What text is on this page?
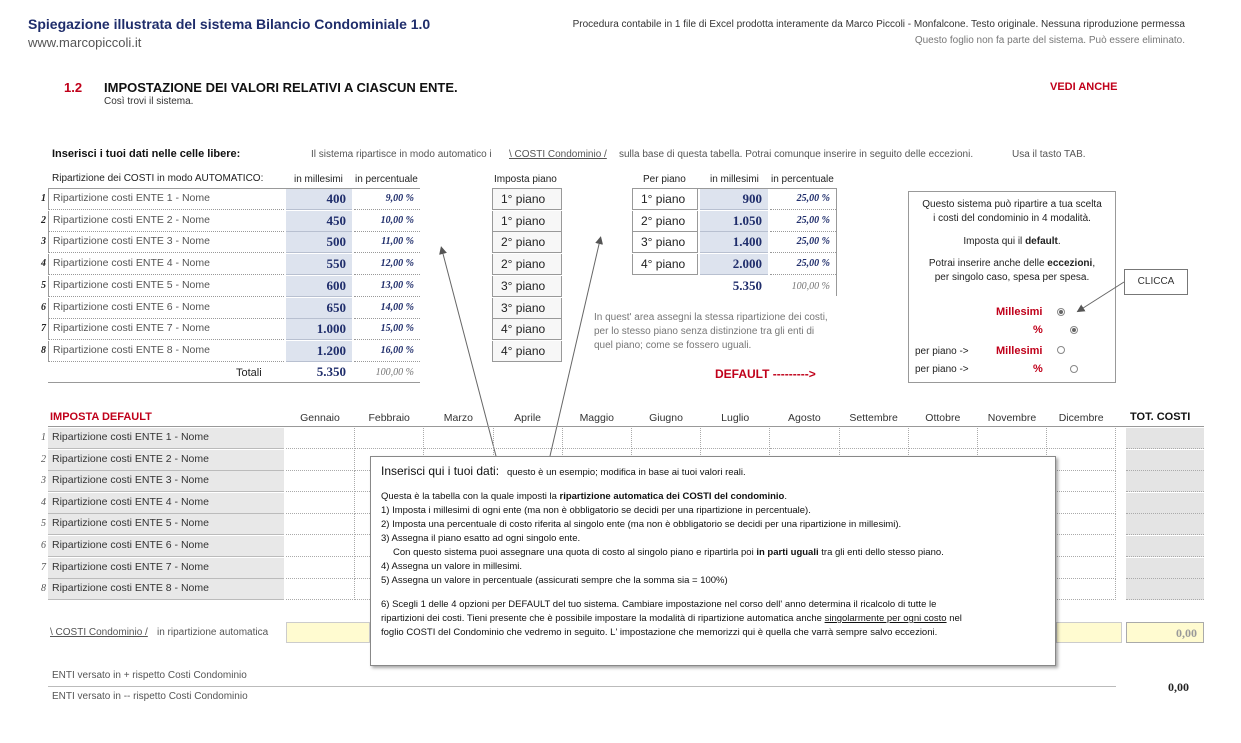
Spiegazione illustrata del sistema Bilancio Condominiale 1.0
www.marcopiccoli.it
Procedura contabile in 1 file di Excel prodotta interamente da Marco Piccoli - Monfalcone. Testo originale. Nessuna riproduzione permessa
Questo foglio non fa parte del sistema. Può essere eliminato.
1.2 IMPOSTAZIONE DEI VALORI RELATIVI A CIASCUN ENTE.
Così trovi il sistema.
VEDI ANCHE
Inserisci i tuoi dati nelle celle libere:	Il sistema ripartisce in modo automatico i \ COSTI Condominio / sulla base di questa tabella. Potrai comunque inserire in seguito delle eccezioni.	Usa il tasto TAB.
Ripartizione dei COSTI in modo AUTOMATICO:	in millesimi in percentuale	Imposta piano
1 Ripartizione costi ENTE 1 - Nome	400	9,00 %	1° piano
2 Ripartizione costi ENTE 2 - Nome	450	10,00 %	1° piano
3 Ripartizione costi ENTE 3 - Nome	500	11,00 %	2° piano
4 Ripartizione costi ENTE 4 - Nome	550	12,00 %	2° piano
5 Ripartizione costi ENTE 5 - Nome	600	13,00 %	3° piano
6 Ripartizione costi ENTE 6 - Nome	650	14,00 %	3° piano
7 Ripartizione costi ENTE 7 - Nome	1.000	15,00 %	4° piano
8 Ripartizione costi ENTE 8 - Nome	1.200	16,00 %	4° piano
Totali	5.350	100,00 %
Per piano in millesimi in percentuale
1° piano	900	25,00 %
2° piano	1.050	25,00 %
3° piano	1.400	25,00 %
4° piano	2.000	25,00 %
5.350	100,00 %
In quest' area assegni la stessa ripartizione dei costi, per lo stesso piano senza distinzione tra gli enti di quel piano; come se fossero uguali.
DEFAULT --------->
Questo sistema può ripartire a tua scelta
i costi del condominio in 4 modalità.
Imposta qui il default.
Potrai inserire anche delle eccezioni,
per singolo caso, spesa per spesa.
Millesimi
%
per piano -> Millesimi
per piano ->	%
CLICCA
IMPOSTA DEFAULT	Gennaio	Febbraio	Marzo	Aprile	Maggio	Giugno	Luglio	Agosto	Settembre	Ottobre	Novembre	Dicembre	TOT. COSTI
1 Ripartizione costi ENTE 1 - Nome
2 Ripartizione costi ENTE 2 - Nome
3 Ripartizione costi ENTE 3 - Nome
4 Ripartizione costi ENTE 4 - Nome
5 Ripartizione costi ENTE 5 - Nome
6 Ripartizione costi ENTE 6 - Nome
7 Ripartizione costi ENTE 7 - Nome
8 Ripartizione costi ENTE 8 - Nome
\ COSTI Condominio / in ripartizione automatica	0,00
ENTI versato in + rispetto Costi Condominio
ENTI versato in -- rispetto Costi Condominio
0,00

Inserisci qui i tuoi dati: questo è un esempio; modifica in base ai tuoi valori reali.

Questa è la tabella con la quale imposti la ripartizione automatica dei COSTI del condominio.

1) Imposta i millesimi di ogni ente (ma non è obbligatorio se decidi per una ripartizione in percentuale).

2) Imposta una percentuale di costo riferita al singolo ente (ma non è obbligatorio se decidi per una ripartizione in millesimi).

3) Assegna il piano esatto ad ogni singolo ente.

Con questo sistema puoi assegnare una quota di costo al singolo piano e ripartirla poi in parti uguali tra gli enti dello stesso piano.

4) Assegna un valore in millesimi.

5) Assegna un valore in percentuale (assicurati sempre che la somma sia = 100%)

6) Scegli 1 delle 4 opzioni per DEFAULT del tuo sistema. Cambiare impostazione nel corso dell' anno determina il ricalcolo di tutte le

ripartizioni dei costi. Tieni presente che è possibile impostare la modalità di ripartizione automatica anche singolarmente per ogni costo nel

foglio COSTI del Condominio che vedremo in seguito. L' impostazione che memorizzi qui è quella che varrà sempre salvo eccezioni.
